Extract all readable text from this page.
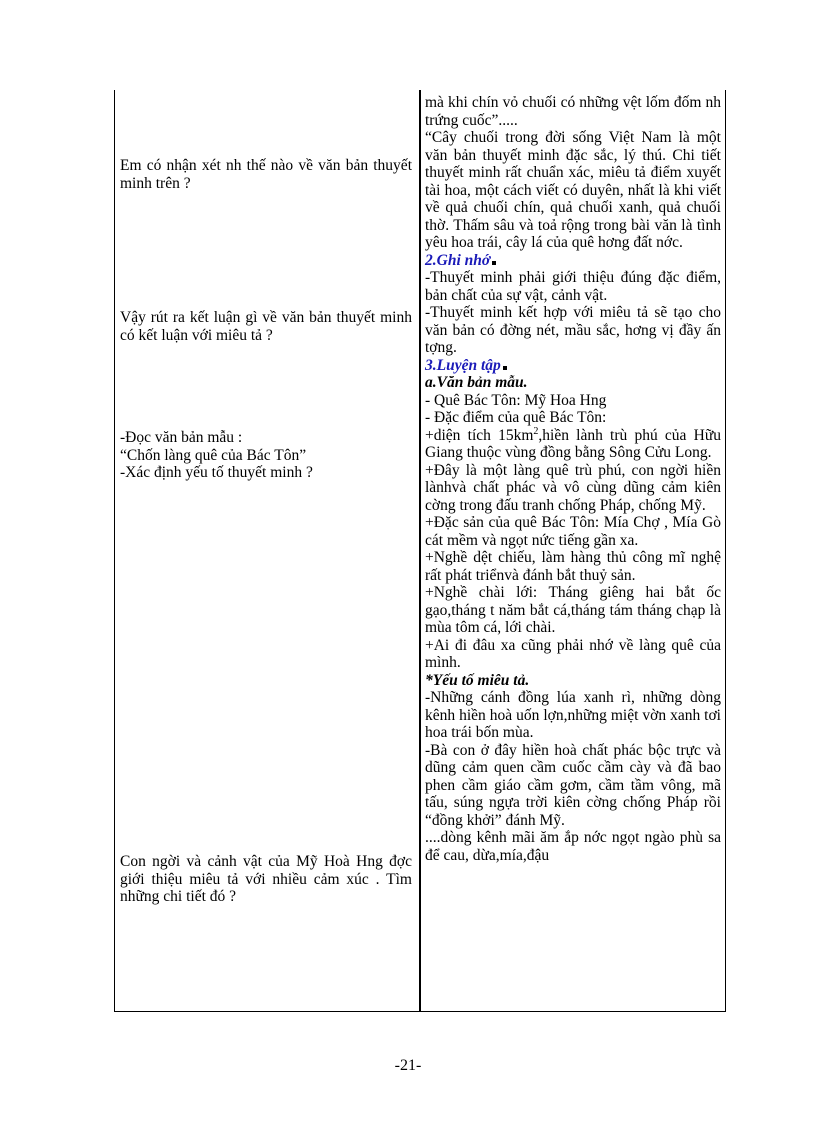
Em có nhận xét nh thế nào về văn bản thuyết minh trên ?

Vậy rút ra kết luận gì về văn bản thuyết minh có kết luận với miêu tả ?

-Đọc văn bản mẫu :

“Chốn làng quê của Bác Tôn”

-Xác định yếu tố thuyết minh ?

Con ngời và cảnh vật của Mỹ Hoà Hng đợc giới thiệu miêu tả với nhiều cảm xúc . Tìm những chi tiết đó ?

mà khi chín vỏ chuối có những vệt lốm đốm nh trứng cuốc”.....

“Cây chuối trong đời sống Việt Nam là một văn bản thuyết minh đặc sắc, lý thú. Chi tiết thuyết minh rất chuẩn xác, miêu tả điểm xuyết tài hoa, một cách viết có duyên, nhất là khi viết về quả chuối chín, quả chuối xanh, quả chuối thờ. Thấm sâu và toả rộng trong bài văn là tình yêu hoa trái, cây lá của quê hơng đất nớc.

2.Ghi nhớ

-Thuyết minh phải giới thiệu đúng đặc điểm, bản chất của sự vật, cảnh vật.

-Thuyết minh kết hợp với miêu tả sẽ tạo cho văn bản có đờng nét, mầu sắc, hơng vị đầy ấn tợng.

3.Luyện tập

a.Văn bản mẫu.

- Quê Bác Tôn: Mỹ Hoa Hng

- Đặc điểm của quê Bác Tôn:

+diện tích $15km^2,hiền$ lành trù phú của Hữu Giang thuộc vùng đồng bằng Sông Cửu Long.

+Đây là một làng quê trù phú, con ngời hiền lànhvà chất phác và vô cùng dũng cảm kiên cờng trong đấu tranh chống Pháp, chống Mỹ.

+Đặc sản của quê Bác Tôn: Mía Chợ , Mía Gò cát mềm và ngọt nức tiếng gần xa.

+Nghề dệt chiếu, làm hàng thủ công mĩ nghệ rất phát triểnvà đánh bắt thuỷ sản.

+Nghề chài lới: Tháng giêng hai bắt ốc gạo,tháng t năm bắt cá,tháng tám tháng chạp là mùa tôm cá, lới chài.

+Ai đi đâu xa cũng phải nhớ về làng quê của mình.

*Yếu tố miêu tả.

-Những cánh đồng lúa xanh rì, những dòng kênh hiền hoà uốn lợn,những miệt vờn xanh tơi hoa trái bốn mùa.

-Bà con ở đây hiền hoà chất phác bộc trực và dũng cảm quen cầm cuốc cầm cày và đã bao phen cầm giáo cầm gơm, cầm tầm vông, mã tấu, súng ngựa trời kiên cờng chống Pháp rồi “đồng khởi” đánh Mỹ.

....dòng kênh mãi ăm ắp nớc ngọt ngào phù sa để cau, dừa,mía,đậu

-21-
